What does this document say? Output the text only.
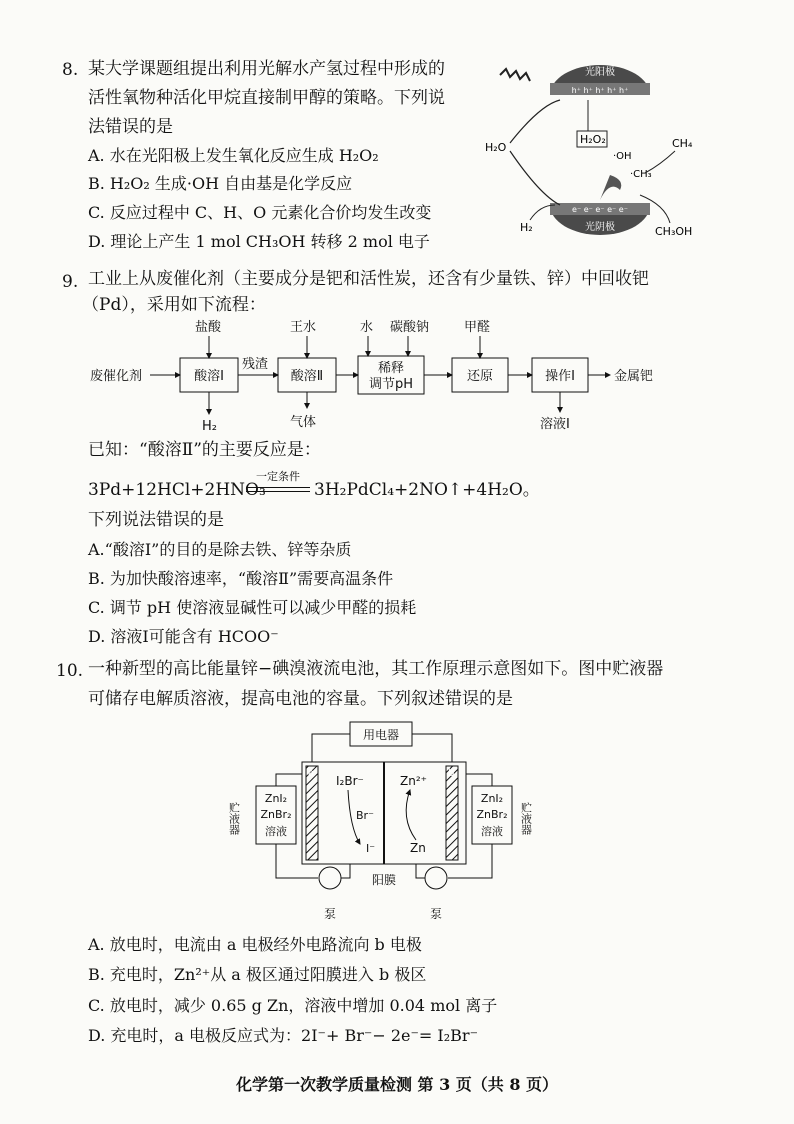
8. 某大学课题组提出利用光解水产氢过程中形成的
活性氧物种活化甲烷直接制甲醇的策略。下列说
法错误的是
A. 水在光阳极上发生氧化反应生成 H₂O₂
B. H₂O₂ 生成·OH 自由基是化学反应
C. 反应过程中 C、H、O 元素化合价均发生改变
D. 理论上产生 1 mol CH₃OH 转移 2 mol 电子
光阳极
h⁺ h⁺ h⁺ h⁺ h⁺
e⁻ e⁻ e⁻ e⁻ e⁻
光阴极
H₂O
H₂O₂
·OH
·CH₃
CH₄
H₂	CH₃OH
9. 工业上从废催化剂（主要成分是钯和活性炭，还含有少量铁、锌）中回收钯
（Pd），采用如下流程：
废催化剂	酸溶Ⅰ
盐酸
H₂
残渣
酸溶Ⅱ
王水
气体
稀释
调节pH
水 碳酸钠
还原
甲醛
操作Ⅰ
溶液Ⅰ
金属钯
已知：“酸溶Ⅱ”的主要反应是：
3Pd+12HCl+2HNO₃
一定条件
3H₂PdCl₄+2NO↑+4H₂O。
下列说法错误的是
A.“酸溶Ⅰ”的目的是除去铁、锌等杂质
B. 为加快酸溶速率，“酸溶Ⅱ”需要高温条件
C. 调节 pH 使溶液显碱性可以减少甲醛的损耗
D. 溶液Ⅰ可能含有 HCOO⁻
10. 一种新型的高比能量锌−碘溴液流电池，其工作原理示意图如下。图中贮液器
可储存电解质溶液，提高电池的容量。下列叙述错误的是
用电器
a	b
I₂Br⁻
Br⁻
I⁻
Zn²⁺
Zn
ZnI₂
ZnBr₂
溶液
贮液器
ZnI₂
ZnBr₂
溶液 贮液器
阳膜
泵	泵
A. 放电时，电流由 a 电极经外电路流向 b 电极
B. 充电时，Zn²⁺从 a 极区通过阳膜进入 b 极区
C. 放电时，减少 0.65 g Zn，溶液中增加 0.04 mol 离子
D. 充电时，a 电极反应式为：2I⁻+ Br⁻− 2e⁻= I₂Br⁻
化学第一次教学质量检测 第 3 页（共 8 页）
